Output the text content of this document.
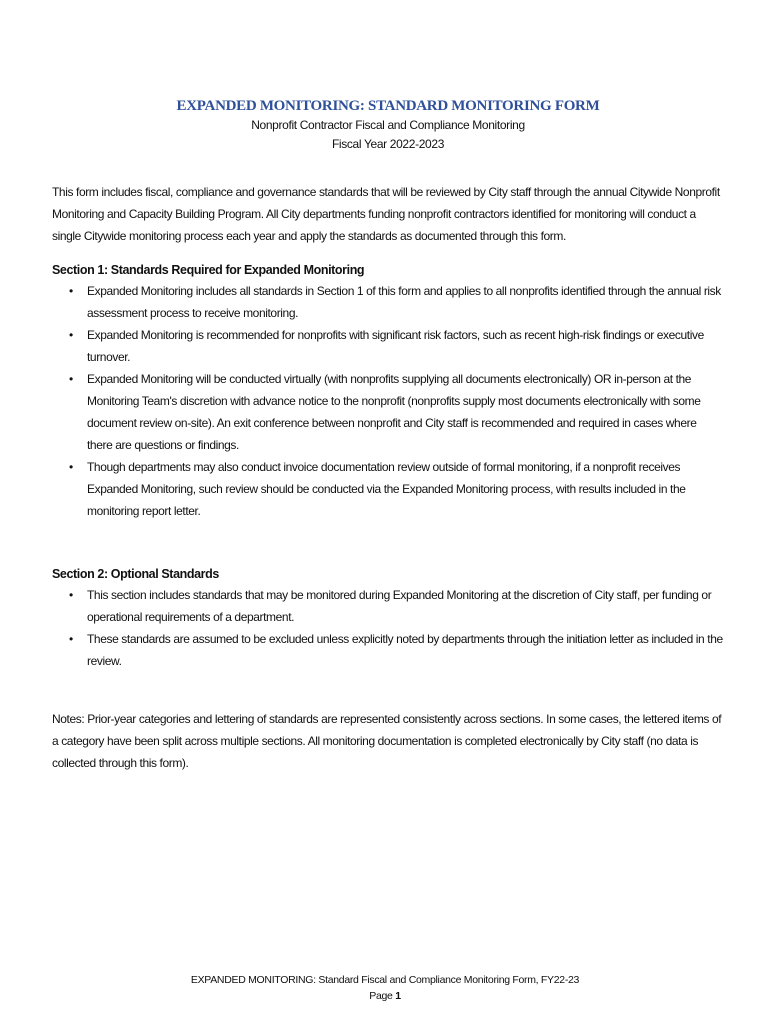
EXPANDED MONITORING: STANDARD MONITORING FORM

Nonprofit Contractor Fiscal and Compliance Monitoring

Fiscal Year 2022-2023

This form includes fiscal, compliance and governance standards that will be reviewed by City staff through the annual Citywide Nonprofit Monitoring and Capacity Building Program. All City departments funding nonprofit contractors identified for monitoring will conduct a single Citywide monitoring process each year and apply the standards as documented through this form.

Section 1: Standards Required for Expanded Monitoring

• Expanded Monitoring includes all standards in Section 1 of this form and applies to all nonprofits identified through the annual risk assessment process to receive monitoring.
• Expanded Monitoring is recommended for nonprofits with significant risk factors, such as recent high-risk findings or executive turnover.
• Expanded Monitoring will be conducted virtually (with nonprofits supplying all documents electronically) OR in-person at the Monitoring Team's discretion with advance notice to the nonprofit (nonprofits supply most documents electronically with some document review on-site). An exit conference between nonprofit and City staff is recommended and required in cases where there are questions or findings.
• Though departments may also conduct invoice documentation review outside of formal monitoring, if a nonprofit receives Expanded Monitoring, such review should be conducted via the Expanded Monitoring process, with results included in the monitoring report letter.

Section 2: Optional Standards

• This section includes standards that may be monitored during Expanded Monitoring at the discretion of City staff, per funding or operational requirements of a department.
• These standards are assumed to be excluded unless explicitly noted by departments through the initiation letter as included in the review.

Notes: Prior-year categories and lettering of standards are represented consistently across sections. In some cases, the lettered items of a category have been split across multiple sections. All monitoring documentation is completed electronically by City staff (no data is collected through this form).

EXPANDED MONITORING: Standard Fiscal and Compliance Monitoring Form, FY22-23

Page 1
